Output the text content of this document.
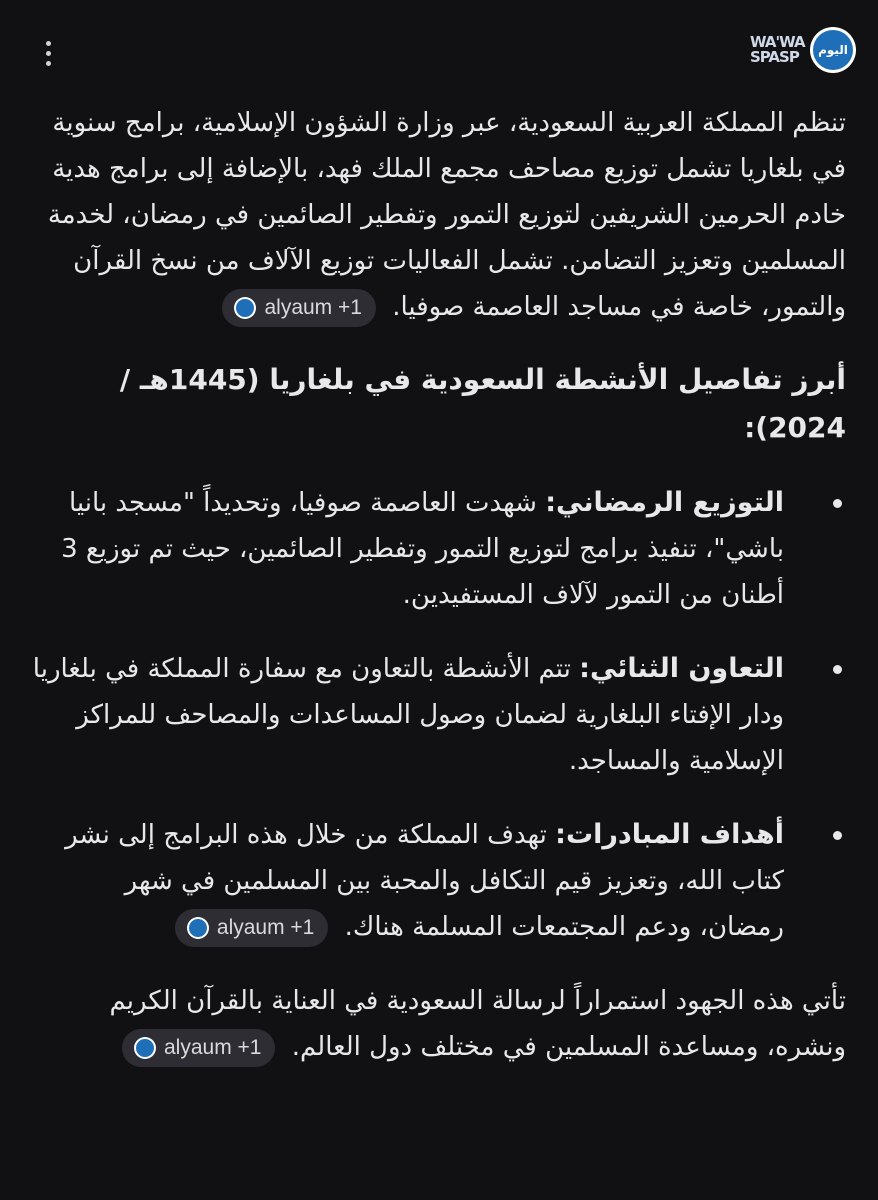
WA'WA
SPASP	اليوم

تنظم المملكة العربية السعودية، عبر وزارة الشؤون الإسلامية، برامج سنوية في بلغاريا تشمل توزيع مصاحف مجمع الملك فهد، بالإضافة إلى برامج هدية خادم الحرمين الشريفين لتوزيع التمور وتفطير الصائمين في رمضان، لخدمة المسلمين وتعزيز التضامن. تشمل الفعاليات توزيع الآلاف من نسخ القرآن والتمور، خاصة في مساجد العاصمة صوفيا.
alyaum +1

أبرز تفاصيل الأنشطة السعودية في بلغاريا (1445هـ / 2024):
التوزيع الرمضاني: شهدت العاصمة صوفيا، وتحديداً "مسجد بانيا باشي"، تنفيذ برامج لتوزيع التمور وتفطير الصائمين، حيث تم توزيع 3 أطنان من التمور لآلاف المستفيدين.
التعاون الثنائي: تتم الأنشطة بالتعاون مع سفارة المملكة في بلغاريا ودار الإفتاء البلغارية لضمان وصول المساعدات والمصاحف للمراكز الإسلامية والمساجد.
أهداف المبادرات: تهدف المملكة من خلال هذه البرامج إلى نشر كتاب الله، وتعزيز قيم التكافل والمحبة بين المسلمين في شهر رمضان، ودعم المجتمعات المسلمة هناك.
alyaum +1

تأتي هذه الجهود استمراراً لرسالة السعودية في العناية بالقرآن الكريم ونشره، ومساعدة المسلمين في مختلف دول العالم.
alyaum +1
